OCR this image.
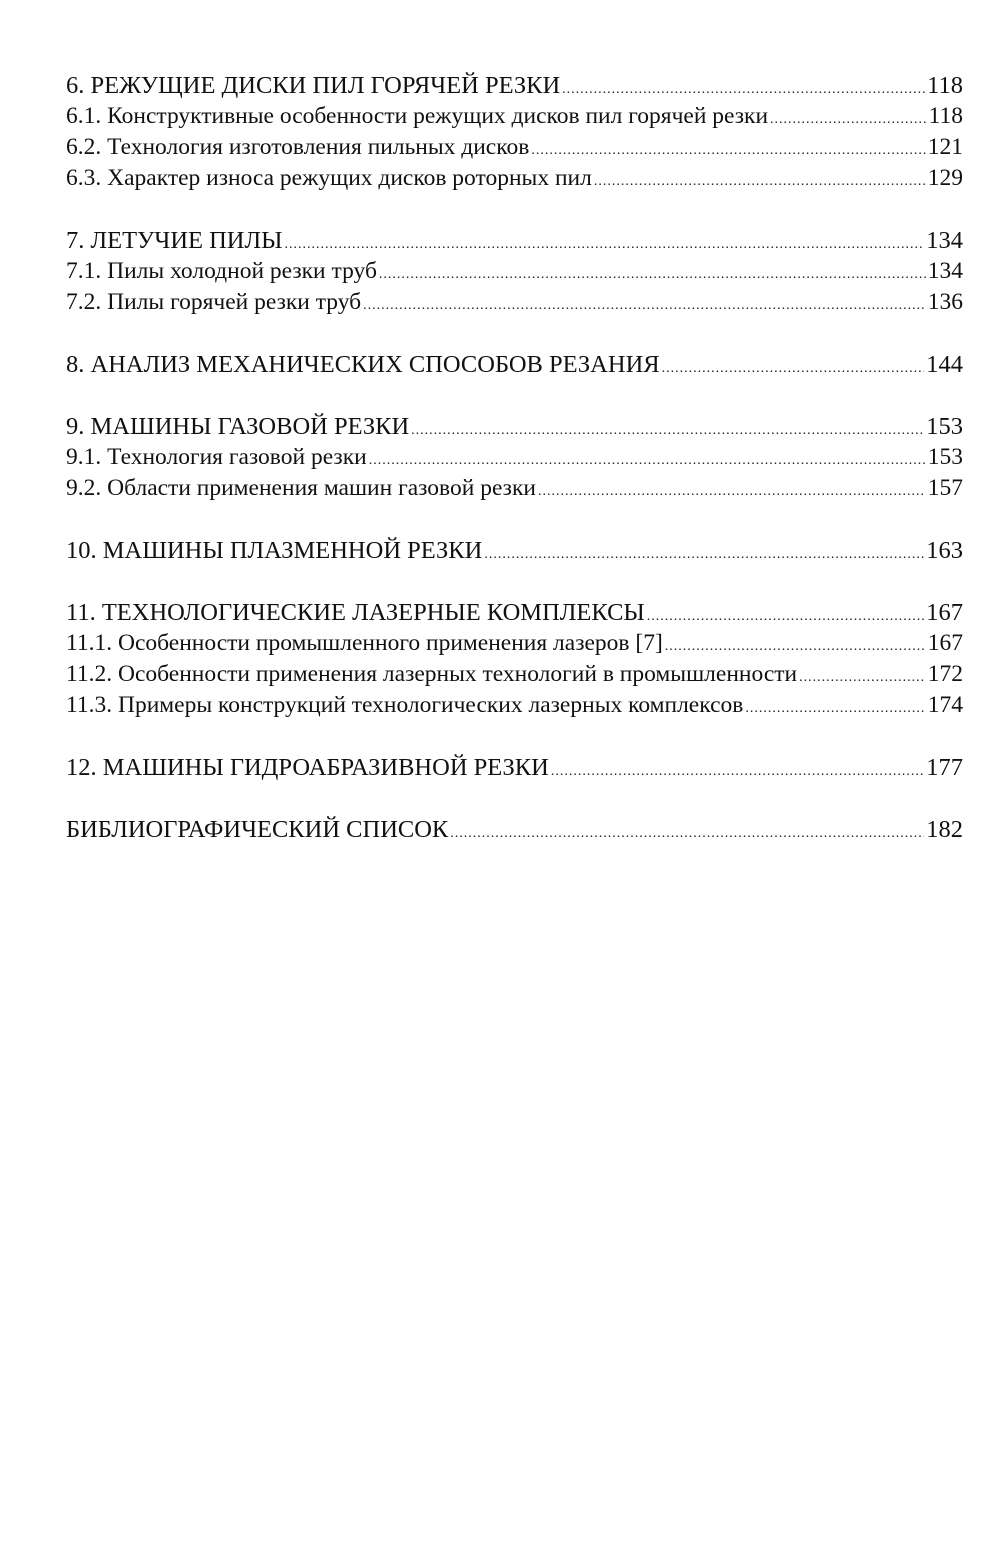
6. РЕЖУЩИЕ ДИСКИ ПИЛ ГОРЯЧЕЙ РЕЗКИ .....	118
6.1. Конструктивные особенности режущих дисков пил горячей резки .....	118
6.2. Технология изготовления пильных дисков .....	121
6.3. Характер износа режущих дисков роторных пил .....	129
7. ЛЕТУЧИЕ ПИЛЫ .....	134
7.1. Пилы холодной резки труб .....	134
7.2. Пилы горячей резки труб .....	136
8. АНАЛИЗ МЕХАНИЧЕСКИХ СПОСОБОВ РЕЗАНИЯ .....	144
9. МАШИНЫ ГАЗОВОЙ РЕЗКИ .....	153
9.1. Технология газовой резки .....	153
9.2. Области применения машин газовой резки .....	157
10. МАШИНЫ ПЛАЗМЕННОЙ РЕЗКИ .....	163
11. ТЕХНОЛОГИЧЕСКИЕ ЛАЗЕРНЫЕ КОМПЛЕКСЫ .....	167
11.1. Особенности промышленного применения лазеров [7] .....	167
11.2. Особенности применения лазерных технологий в промышленности .....	172
11.3. Примеры конструкций технологических лазерных комплексов .....	174
12. МАШИНЫ ГИДРОАБРАЗИВНОЙ РЕЗКИ .....	177
БИБЛИОГРАФИЧЕСКИЙ СПИСОК .....	182
